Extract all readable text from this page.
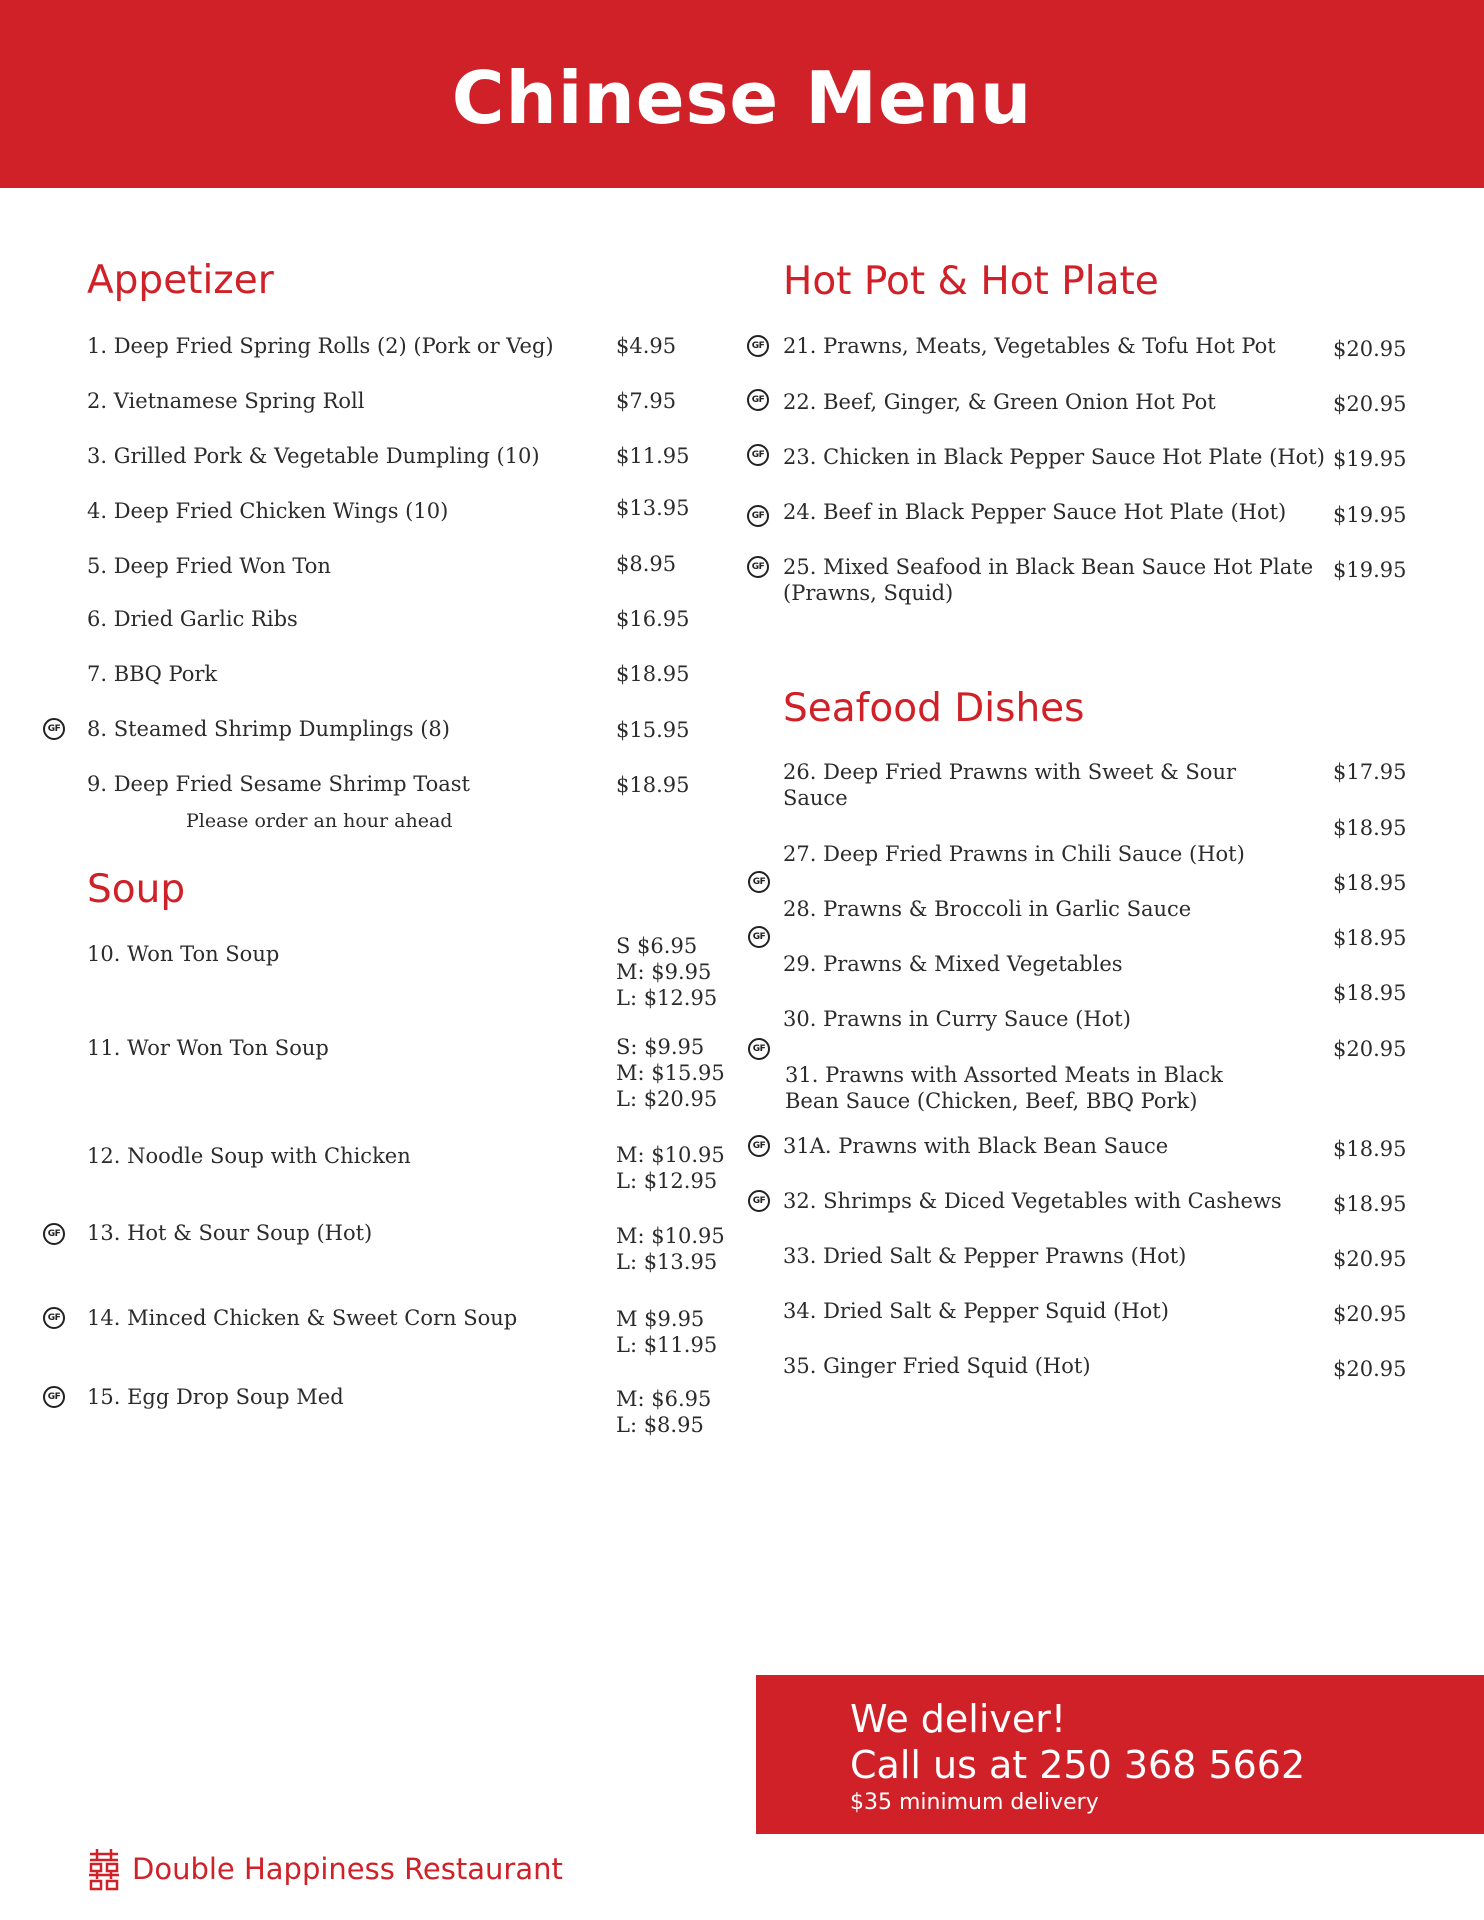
Chinese Menu
Appetizer
Soup
Hot Pot & Hot Plate
Seafood Dishes
1. Deep Fried Spring Rolls (2) (Pork or Veg)	$4.95
2. Vietnamese Spring Roll	$7.95
3. Grilled Pork & Vegetable Dumpling (10)	$11.95
4. Deep Fried Chicken Wings (10)	$13.95
5. Deep Fried Won Ton	$8.95
6. Dried Garlic Ribs	$16.95
7. BBQ Pork	$18.95
GF 8. Steamed Shrimp Dumplings (8)	$15.95
9. Deep Fried Sesame Shrimp Toast	$18.95
Please order an hour ahead
10. Won Ton Soup	S $6.95
M: $9.95
L: $12.95
11. Wor Won Ton Soup	S: $9.95
M: $15.95
L: $20.95
12. Noodle Soup with Chicken	M: $10.95
L: $12.95
GF 13. Hot & Sour Soup (Hot)	M: $10.95
L: $13.95
GF 14. Minced Chicken & Sweet Corn Soup	M $9.95
L: $11.95
GF 15. Egg Drop Soup Med	M: $6.95
L: $8.95
GF 21. Prawns, Meats, Vegetables & Tofu Hot Pot	$20.95
GF 22. Beef, Ginger, & Green Onion Hot Pot	$20.95
GF 23. Chicken in Black Pepper Sauce Hot Plate (Hot) $19.95
GF 24. Beef in Black Pepper Sauce Hot Plate (Hot) $19.95
GF 25. Mixed Seafood in Black Bean Sauce Hot Plate
(Prawns, Squid)
$19.95
26. Deep Fried Prawns with Sweet & Sour
Sauce
$17.95
27. Deep Fried Prawns in Chili Sauce (Hot)
$18.95
GF
28. Prawns & Broccoli in Garlic Sauce
$18.95
GF
29. Prawns & Mixed Vegetables
$18.95
30. Prawns in Curry Sauce (Hot)
$18.95
GF
31. Prawns with Assorted Meats in Black
Bean Sauce (Chicken, Beef, BBQ Pork)
$20.95
GF 31A. Prawns with Black Bean Sauce	$18.95
GF 32. Shrimps & Diced Vegetables with Cashews $18.95
33. Dried Salt & Pepper Prawns (Hot)	$20.95
34. Dried Salt & Pepper Squid (Hot)	$20.95
35. Ginger Fried Squid (Hot)	$20.95
We deliver!
Call us at 250 368 5662
$35 minimum delivery
Double Happiness Restaurant
